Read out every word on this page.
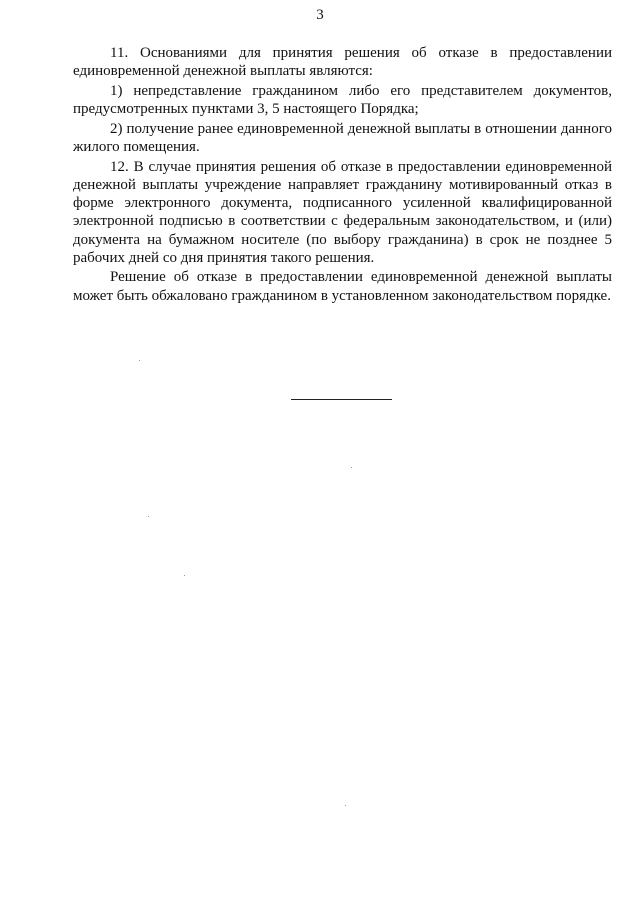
3

11. Основаниями для принятия решения об отказе в предоставлении единовременной денежной выплаты являются:

1) непредставление гражданином либо его представителем документов, предусмотренных пунктами 3, 5 настоящего Порядка;

2) получение ранее единовременной денежной выплаты в отношении данного жилого помещения.

12. В случае принятия решения об отказе в предоставлении единовременной денежной выплаты учреждение направляет гражданину мотивированный отказ в форме электронного документа, подписанного усиленной квалифицированной электронной подписью в соответствии с федеральным законодательством, и (или) документа на бумажном носителе (по выбору гражданина) в срок не позднее 5 рабочих дней со дня принятия такого решения.

Решение об отказе в предоставлении единовременной денежной выплаты может быть обжаловано гражданином в установленном законодательством порядке.
